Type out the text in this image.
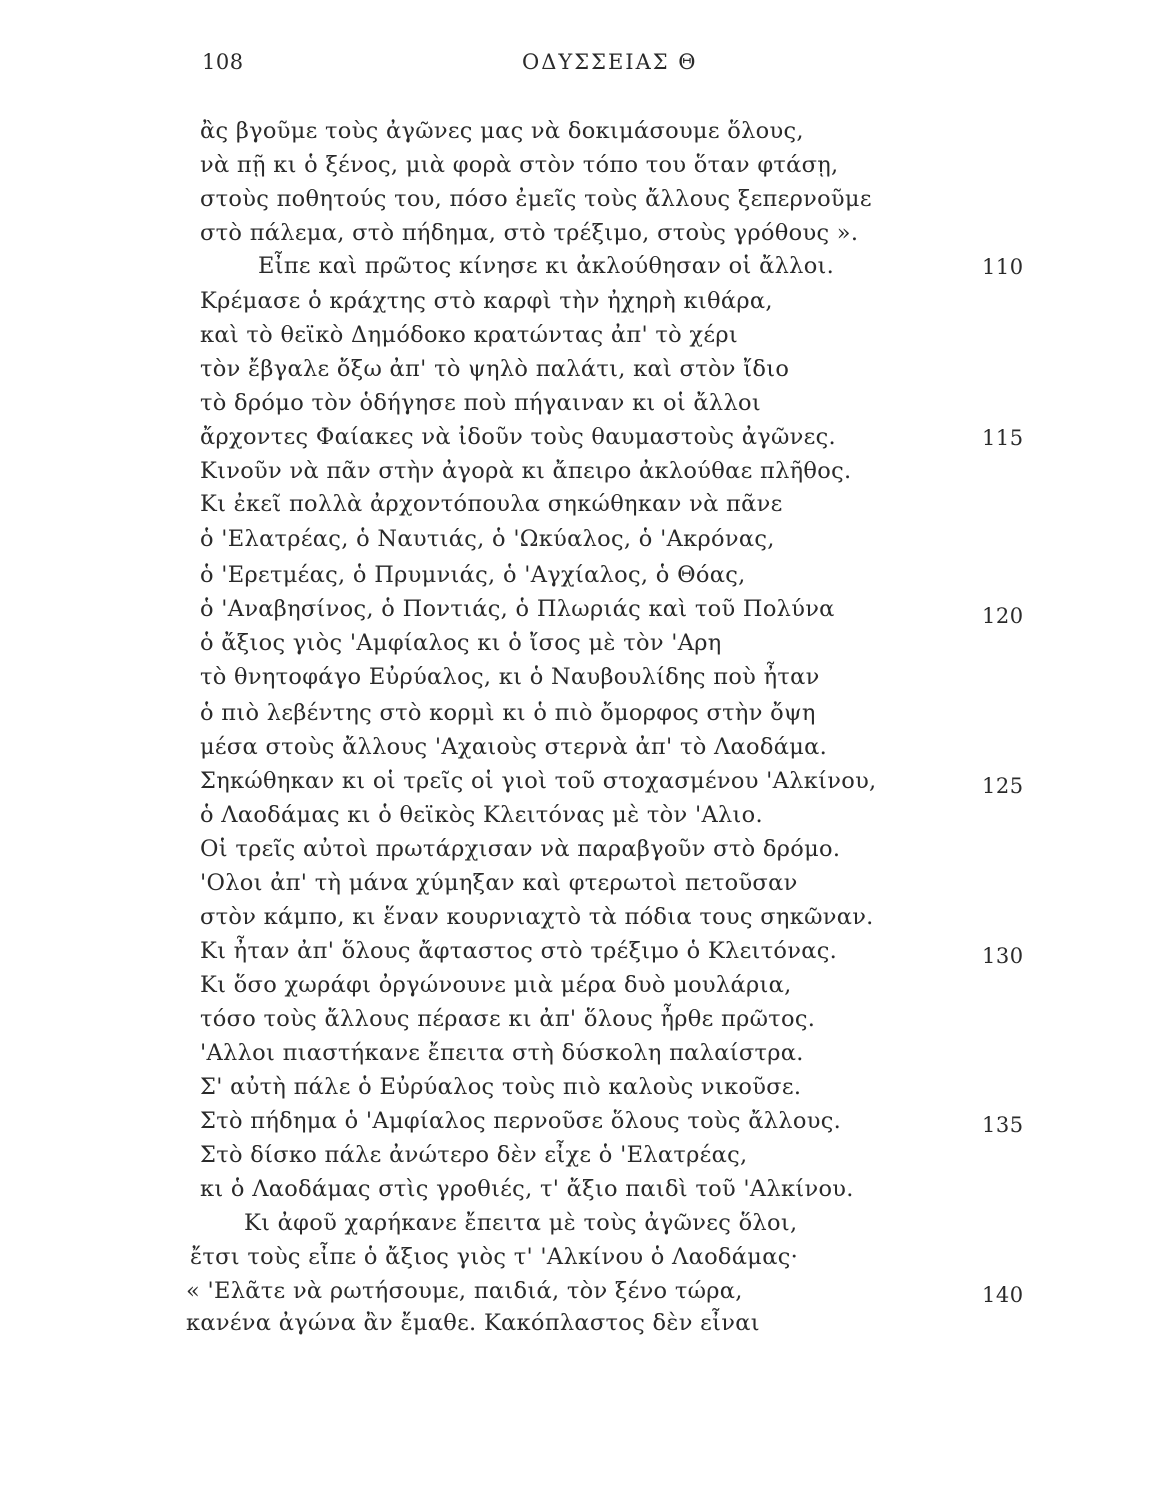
108	ΟΔΥΣΣΕΙΑΣ Θ
ἂς βγοῦμε τοὺς ἀγῶνες μας νὰ δοκιμάσουμε ὅλους,
νὰ πῇ κι ὁ ξένος, μιὰ φορὰ στὸν τόπο του ὅταν φτάσῃ,
στοὺς ποθητούς του, πόσο ἐμεῖς τοὺς ἄλλους ξεπερνοῦμε
στὸ πάλεμα, στὸ πήδημα, στὸ τρέξιμο, στοὺς γρόθους ».
Εἶπε καὶ πρῶτος κίνησε κι ἀκλούθησαν οἱ ἄλλοι.
Κρέμασε ὁ κράχτης στὸ καρφὶ τὴν ἠχηρὴ κιθάρα,
καὶ τὸ θεϊκὸ Δημόδοκο κρατώντας ἀπ' τὸ χέρι
τὸν ἔβγαλε ὄξω ἀπ' τὸ ψηλὸ παλάτι, καὶ στὸν ἴδιο
τὸ δρόμο τὸν ὁδήγησε ποὺ πήγαιναν κι οἱ ἄλλοι
ἄρχοντες Φαίακες νὰ ἰδοῦν τοὺς θαυμαστοὺς ἀγῶνες.
Κινοῦν νὰ πᾶν στὴν ἀγορὰ κι ἄπειρο ἀκλούθαε πλῆθος.
Κι ἐκεῖ πολλὰ ἀρχοντόπουλα σηκώθηκαν νὰ πᾶνε
ὁ 'Ελατρέας, ὁ Ναυτιάς, ὁ 'Ωκύαλος, ὁ 'Ακρόνας,
ὁ 'Ερετμέας, ὁ Πρυμνιάς, ὁ 'Αγχίαλος, ὁ Θόας,
ὁ 'Αναβησίνος, ὁ Ποντιάς, ὁ Πλωριάς καὶ τοῦ Πολύνα
ὁ ἄξιος γιὸς 'Αμφίαλος κι ὁ ἴσος μὲ τὸν 'Αρη
τὸ θνητοφάγο Εὐρύαλος, κι ὁ Ναυβουλίδης ποὺ ἦταν
ὁ πιὸ λεβέντης στὸ κορμὶ κι ὁ πιὸ ὄμορφος στὴν ὄψη
μέσα στοὺς ἄλλους 'Αχαιοὺς στερνὰ ἀπ' τὸ Λαοδάμα.
Σηκώθηκαν κι οἱ τρεῖς οἱ γιοὶ τοῦ στοχασμένου 'Αλκίνου,
ὁ Λαοδάμας κι ὁ θεϊκὸς Κλειτόνας μὲ τὸν 'Αλιο.
Οἱ τρεῖς αὐτοὶ πρωτάρχισαν νὰ παραβγοῦν στὸ δρόμο.
'Ολοι ἀπ' τὴ μάνα χύμηξαν καὶ φτερωτοὶ πετοῦσαν
στὸν κάμπο, κι ἕναν κουρνιαχτὸ τὰ πόδια τους σηκῶναν.
Κι ἦταν ἀπ' ὅλους ἄφταστος στὸ τρέξιμο ὁ Κλειτόνας.
Κι ὅσο χωράφι ὀργώνουνε μιὰ μέρα δυὸ μουλάρια,
τόσο τοὺς ἄλλους πέρασε κι ἀπ' ὅλους ἦρθε πρῶτος.
'Αλλοι πιαστήκανε ἔπειτα στὴ δύσκολη παλαίστρα.
Σ' αὐτὴ πάλε ὁ Εὐρύαλος τοὺς πιὸ καλοὺς νικοῦσε.
Στὸ πήδημα ὁ 'Αμφίαλος περνοῦσε ὅλους τοὺς ἄλλους.
Στὸ δίσκο πάλε ἀνώτερο δὲν εἶχε ὁ 'Ελατρέας,
κι ὁ Λαοδάμας στὶς γροθιές, τ' ἄξιο παιδὶ τοῦ 'Αλκίνου.
Κι ἀφοῦ χαρήκανε ἔπειτα μὲ τοὺς ἀγῶνες ὅλοι,
ἔτσι τοὺς εἶπε ὁ ἄξιος γιὸς τ' 'Αλκίνου ὁ Λαοδάμας·
« 'Ελᾶτε νὰ ρωτήσουμε, παιδιά, τὸν ξένο τώρα,
κανένα ἀγώνα ἂν ἔμαθε. Κακόπλαστος δὲν εἶναι
110
115
120
125
130
135
140
